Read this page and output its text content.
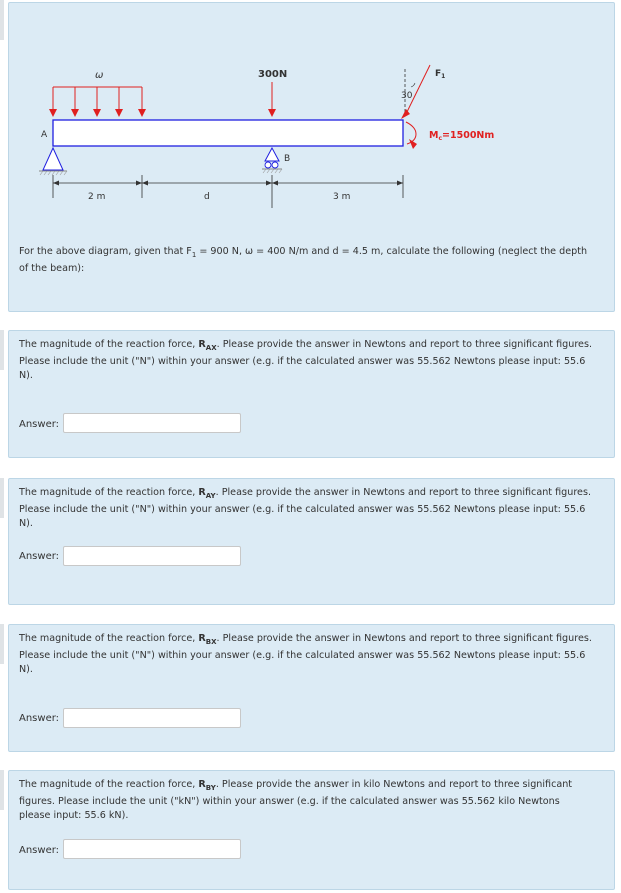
ω	300N
30
$F_1$
$M_c=1500Nm$
A
B
2 m	d	3 m
For the above diagram, given that $F_1 = 900$ N, ω = 400 N/m and d = 4.5 m, calculate the following (neglect the depth of the beam):
The magnitude of the reaction force, $R_{AX}$. Please provide the answer in Newtons and report to three significant figures. Please include the unit ("N") within your answer (e.g. if the calculated answer was 55.562 Newtons please input: 55.6 N).
Answer:
The magnitude of the reaction force, $R_{AY}$. Please provide the answer in Newtons and report to three significant figures. Please include the unit ("N") within your answer (e.g. if the calculated answer was 55.562 Newtons please input: 55.6 N).
Answer:
The magnitude of the reaction force, $R_{BX}$. Please provide the answer in Newtons and report to three significant figures. Please include the unit ("N") within your answer (e.g. if the calculated answer was 55.562 Newtons please input: 55.6 N).
Answer:
The magnitude of the reaction force, $R_{BY}$. Please provide the answer in kilo Newtons and report to three significant figures. Please include the unit ("kN") within your answer (e.g. if the calculated answer was 55.562 kilo Newtons please input: 55.6 kN).
Answer:
